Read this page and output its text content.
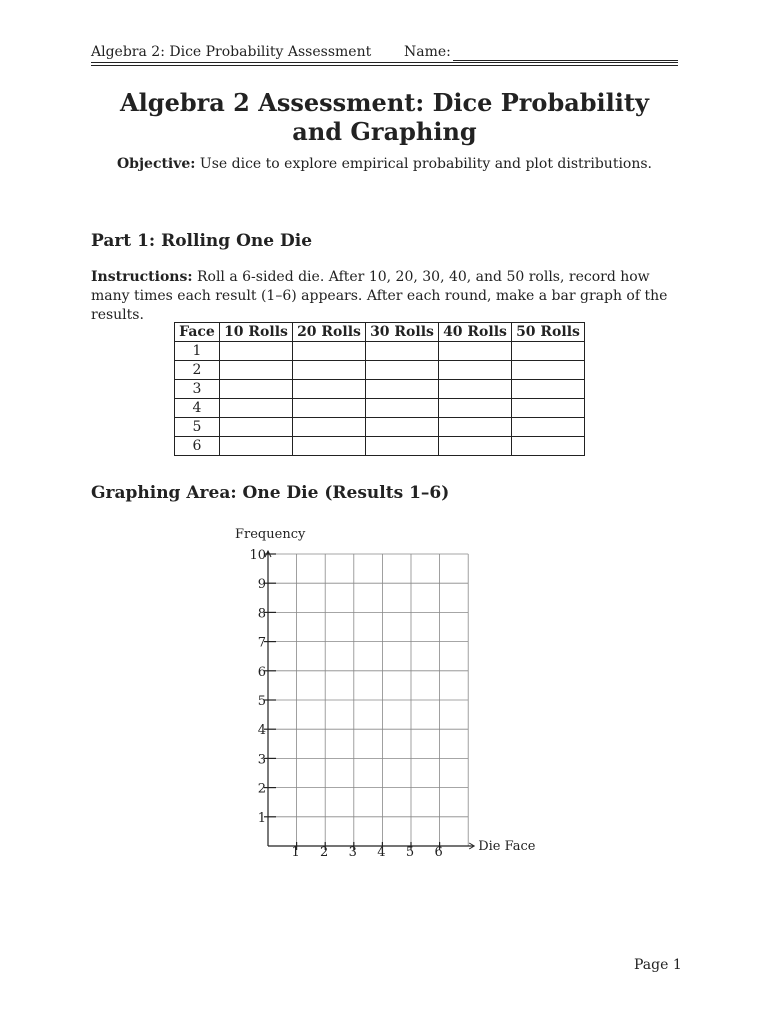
Algebra 2: Dice Probability Assessment Name:
Algebra 2 Assessment: Dice Probability and Graphing
Objective: Use dice to explore empirical probability and plot distributions.
Part 1: Rolling One Die
Instructions: Roll a 6-sided die. After 10, 20, 30, 40, and 50 rolls, record how many times each result (1–6) appears. After each round, make a bar graph of the results.
Face	10 Rolls	20 Rolls	30 Rolls	40 Rolls	50 Rolls
1					
2					
3					
4					
5					
6					
Graphing Area: One Die (Results 1–6)
1
2
3
4
5
6
7
8
9
10
1 2 3 4 5 6
Frequency
Die Face
Page 1
